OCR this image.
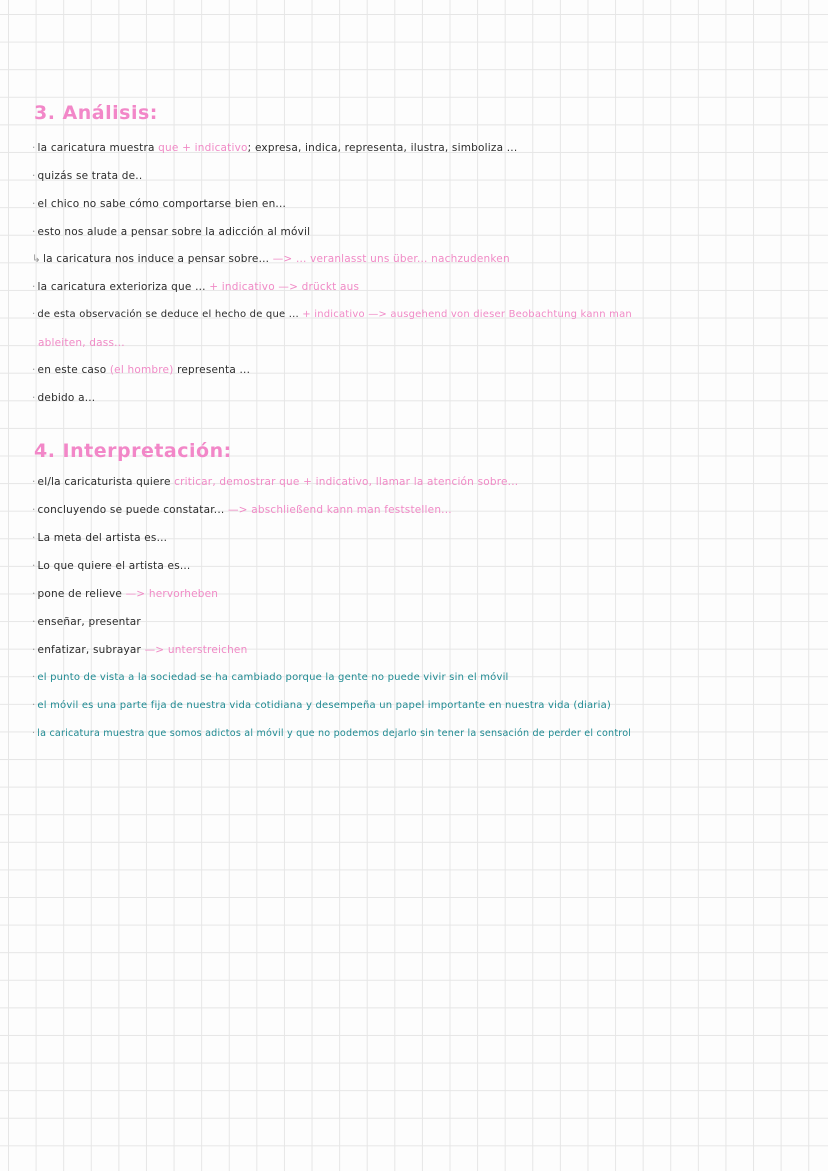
3. Análisis:
· la caricatura muestra que + indicativo; expresa, indica, representa, ilustra, simboliza ...
· quizás se trata de..
· el chico no sabe cómo comportarse bien en...
· esto nos alude a pensar sobre la adicción al móvil
↳ la caricatura nos induce a pensar sobre... —> ... veranlasst uns über... nachzudenken
· la caricatura exterioriza que ... + indicativo —> drückt aus
· de esta observación se deduce el hecho de que ... + indicativo —> ausgehend von dieser Beobachtung kann man
ableiten, dass...
· en este caso (el hombre) representa ...
· debido a...
4. Interpretación:
· el/la caricaturista quiere criticar, demostrar que + indicativo, llamar la atención sobre...
· concluyendo se puede constatar... —> abschließend kann man feststellen...
· La meta del artista es...
· Lo que quiere el artista es...
· pone de relieve —> hervorheben
· enseñar, presentar
· enfatizar, subrayar —> unterstreichen
· el punto de vista a la sociedad se ha cambiado porque la gente no puede vivir sin el móvil
· el móvil es una parte fija de nuestra vida cotidiana y desempeña un papel importante en nuestra vida (diaria)
· la caricatura muestra que somos adictos al móvil y que no podemos dejarlo sin tener la sensación de perder el control
